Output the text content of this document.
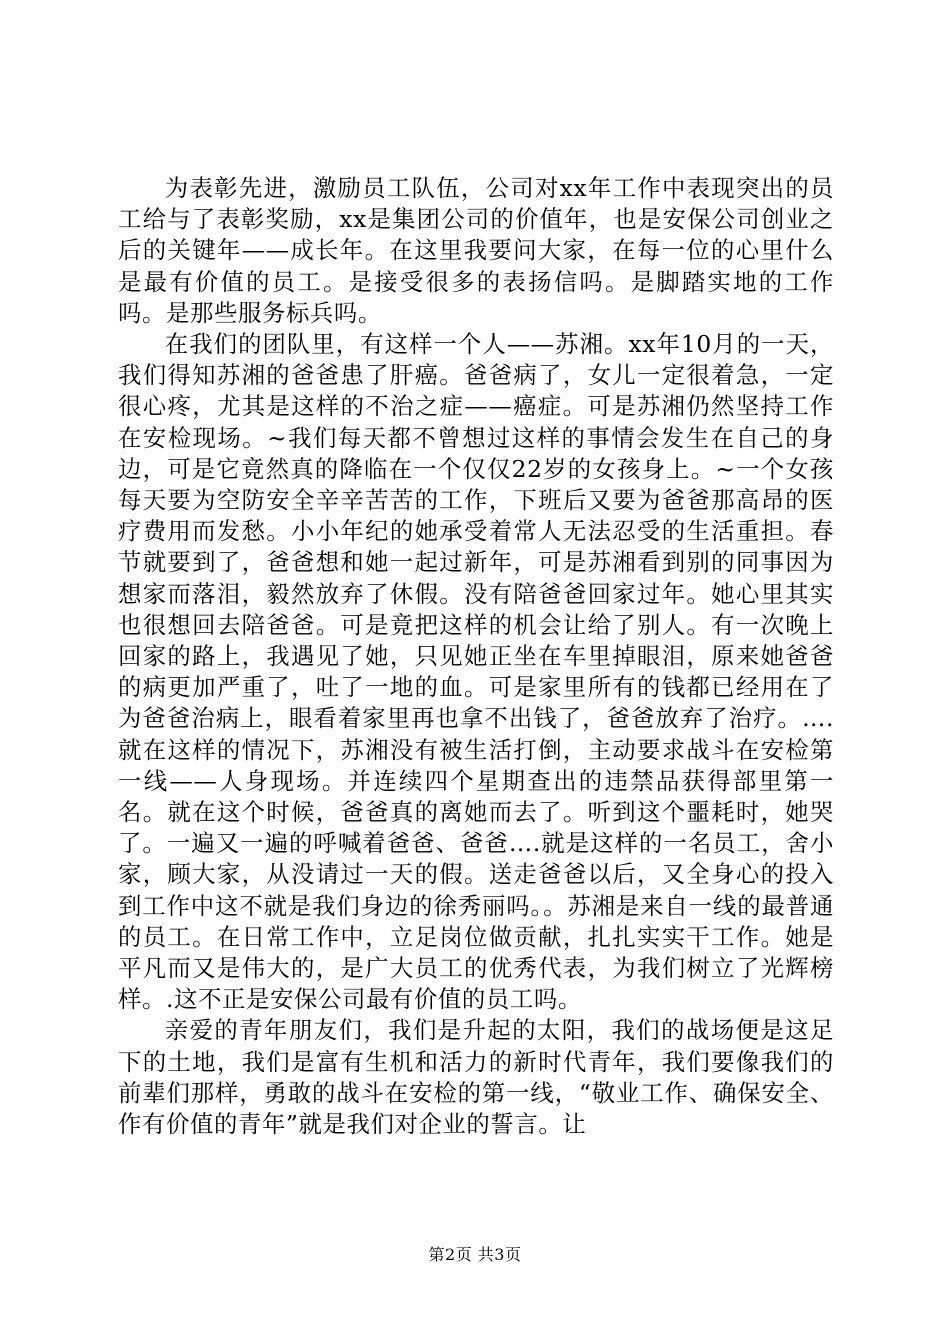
为表彰先进，激励员工队伍，公司对xx年工作中表现突出的员工给与了表彰奖励，xx是集团公司的价值年，也是安保公司创业之后的关键年——成长年。在这里我要问大家，在每一位的心里什么是最有价值的员工。是接受很多的表扬信吗。是脚踏实地的工作吗。是那些服务标兵吗。

在我们的团队里，有这样一个人——苏湘。xx年10月的一天，我们得知苏湘的爸爸患了肝癌。爸爸病了，女儿一定很着急，一定很心疼，尤其是这样的不治之症——癌症。可是苏湘仍然坚持工作在安检现场。~我们每天都不曾想过这样的事情会发生在自己的身边，可是它竟然真的降临在一个仅仅22岁的女孩身上。~一个女孩每天要为空防安全辛辛苦苦的工作，下班后又要为爸爸那高昂的医疗费用而发愁。小小年纪的她承受着常人无法忍受的生活重担。春节就要到了，爸爸想和她一起过新年，可是苏湘看到别的同事因为想家而落泪，毅然放弃了休假。没有陪爸爸回家过年。她心里其实也很想回去陪爸爸。可是竟把这样的机会让给了别人。有一次晚上回家的路上，我遇见了她，只见她正坐在车里掉眼泪，原来她爸爸的病更加严重了，吐了一地的血。可是家里所有的钱都已经用在了为爸爸治病上，眼看着家里再也拿不出钱了，爸爸放弃了治疗。….就在这样的情况下，苏湘没有被生活打倒，主动要求战斗在安检第一线——人身现场。并连续四个星期查出的违禁品获得部里第一名。就在这个时候，爸爸真的离她而去了。听到这个噩耗时，她哭了。一遍又一遍的呼喊着爸爸、爸爸….就是这样的一名员工，舍小家，顾大家，从没请过一天的假。送走爸爸以后，又全身心的投入到工作中这不就是我们身边的徐秀丽吗。。苏湘是来自一线的最普通的员工。在日常工作中，立足岗位做贡献，扎扎实实干工作。她是平凡而又是伟大的，是广大员工的优秀代表，为我们树立了光辉榜样。.这不正是安保公司最有价值的员工吗。

亲爱的青年朋友们，我们是升起的太阳，我们的战场便是这足下的土地，我们是富有生机和活力的新时代青年，我们要像我们的前辈们那样，勇敢的战斗在安检的第一线，“敬业工作、确保安全、作有价值的青年”就是我们对企业的誓言。让

第2页 共3页
